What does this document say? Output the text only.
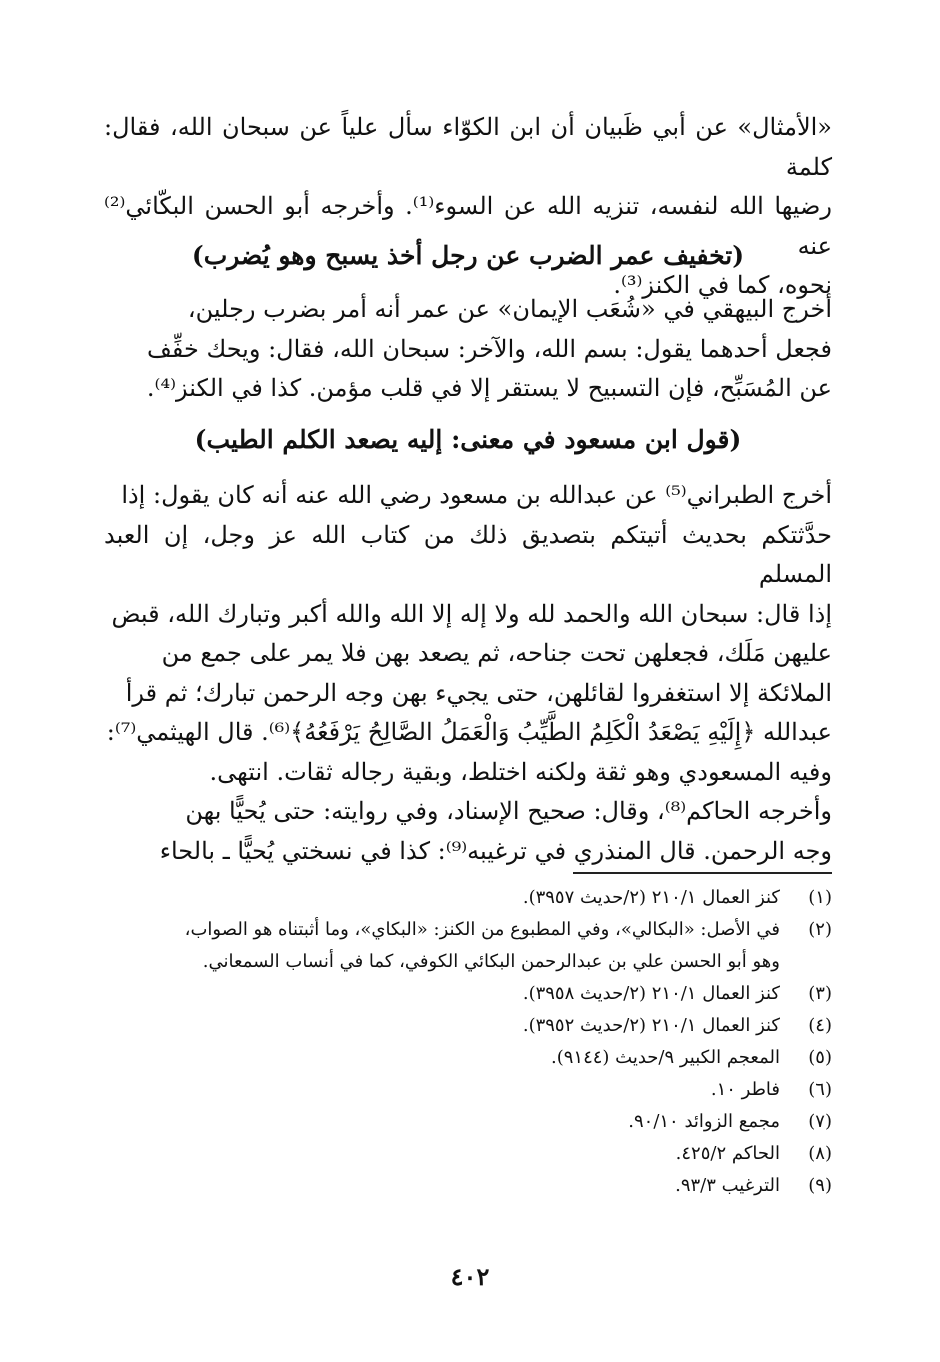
«الأمثال» عن أبي ظَبيان أن ابن الكوّاء سأل علياً عن سبحان الله، فقال: كلمة

رضيها الله لنفسه، تنزيه الله عن السوء⁽¹⁾. وأخرجه أبو الحسن البكّائي⁽²⁾ عنه

نحوه، كما في الكنز⁽³⁾.

(تخفيف عمر الضرب عن رجل أخذ يسبح وهو يُضرب)

أخرج البيهقي في «شُعَب الإيمان» عن عمر أنه أمر بضرب رجلين،

فجعل أحدهما يقول: بسم الله، والآخر: سبحان الله، فقال: ويحك خفِّف

عن المُسَبِّح، فإن التسبيح لا يستقر إلا في قلب مؤمن. كذا في الكنز⁽⁴⁾.

(قول ابن مسعود في معنى: إليه يصعد الكلم الطيب)

أخرج الطبراني⁽⁵⁾ عن عبدالله بن مسعود رضي الله عنه أنه كان يقول: إذا

حدَّثتكم بحديث أتيتكم بتصديق ذلك من كتاب الله عز وجل، إن العبد المسلم

إذا قال: سبحان الله والحمد لله ولا إله إلا الله والله أكبر وتبارك الله، قبض

عليهن مَلَك، فجعلهن تحت جناحه، ثم يصعد بهن فلا يمر على جمع من

الملائكة إلا استغفروا لقائلهن، حتى يجيء بهن وجه الرحمن تبارك؛ ثم قرأ

عبدالله ﴿إِلَيْهِ يَصْعَدُ الْكَلِمُ الطَّيِّبُ وَالْعَمَلُ الصَّالِحُ يَرْفَعُهُ﴾⁽⁶⁾. قال الهيثمي⁽⁷⁾:

وفيه المسعودي وهو ثقة ولكنه اختلط، وبقية رجاله ثقات. انتهى.

وأخرجه الحاكم⁽⁸⁾، وقال: صحيح الإسناد، وفي روايته: حتى يُحيًّا بهن

وجه الرحمن. قال المنذري في ترغيبه⁽⁹⁾: كذا في نسختي يُحيًّا ـ بالحاء

(١)
كنز العمال ٢١٠/١ (٢/حديث ٣٩٥٧).
(٢)
في الأصل: «البكالي»، وفي المطبوع من الكنز: «البكاي»، وما أثبتناه هو الصواب،
وهو أبو الحسن علي بن عبدالرحمن البكائي الكوفي، كما في أنساب السمعاني.
(٣)
كنز العمال ٢١٠/١ (٢/حديث ٣٩٥٨).
(٤)
كنز العمال ٢١٠/١ (٢/حديث ٣٩٥٢).
(٥)
المعجم الكبير ٩/حديث (٩١٤٤).
(٦)
فاطر ١٠.
(٧)
مجمع الزوائد ٩٠/١٠.
(٨)
الحاكم ٤٢٥/٢.
(٩)
الترغيب ٩٣/٣.
٤٠٢
